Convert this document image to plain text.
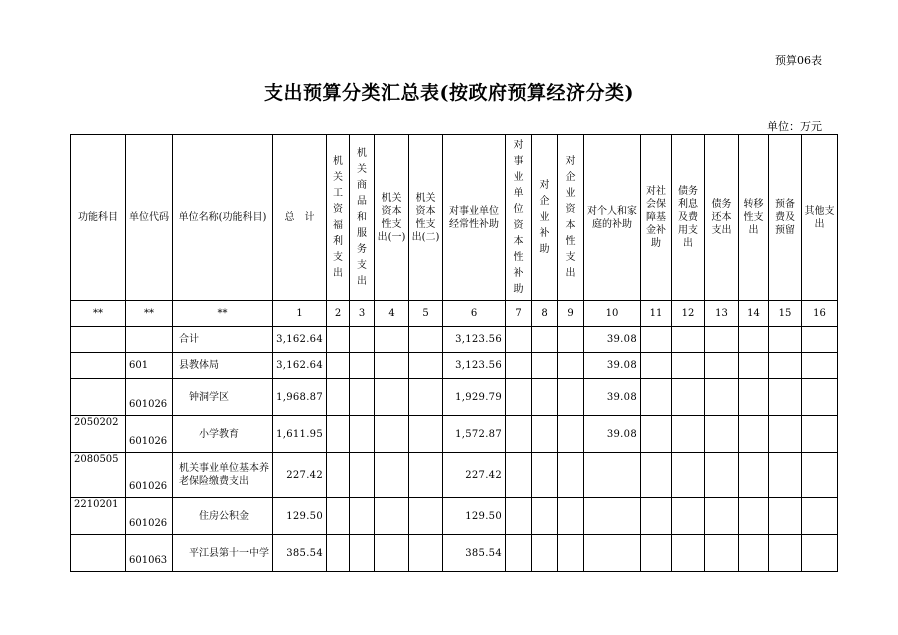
预算06表
支出预算分类汇总表(按政府预算经济分类)
单位：万元
功能科目	单位代码	单位名称(功能科目)	总　计	机关工资福利支出	机关商品和服务支出	机关资本性支出(一)	机关资本性支出(二)	对事业单位经常性补助	对事业单位资本性补助	对企业补助	对企业资本性支出	对个人和家庭的补助	对社会保障基金补助	债务利息及费用支出	债务还本支出	转移性支出	预备费及预留	其他支出

**	**	**	1	2	3	4	5	6	7	8	9	10	11	12	13	14	15	16
		合计	3,162.64					3,123.56				39.08						
	601	县教体局	3,162.64					3,123.56				39.08						
	601026	钟洞学区	1,968.87					1,929.79				39.08						
2050202	601026	小学教育	1,611.95					1,572.87				39.08						
2080505	601026	机关事业单位基本养老保险缴费支出	227.42					227.42										
2210201	601026	住房公积金	129.50					129.50										
	601063	平江县第十一中学	385.54					385.54										
